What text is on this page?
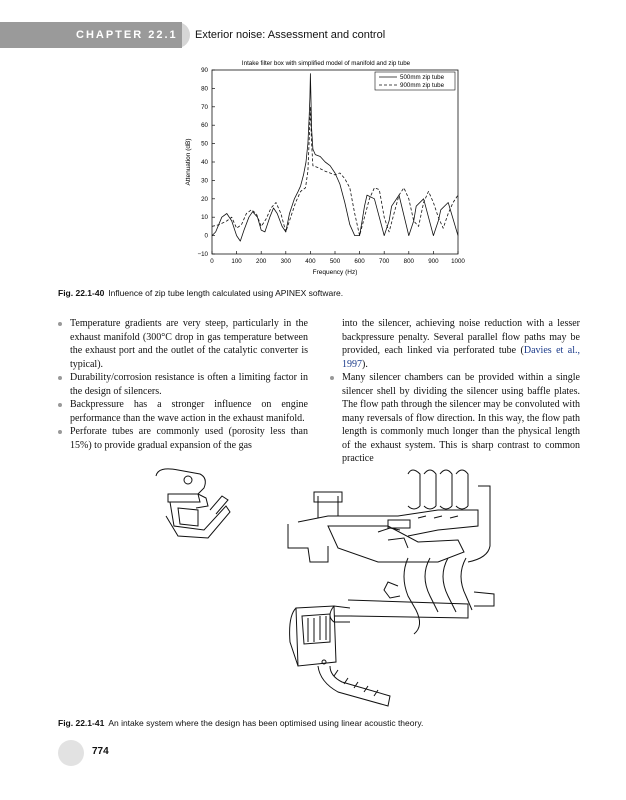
CHAPTER 22.1	Exterior noise: Assessment and control
Intake filter box with simplified model of manifold and zip tube
0	100 200 300 400 500 600 700 800 900 1000
90
80
70
60
50
40
30
20
10
0
−10
500mm zip tube
900mm zip tube
Frequency (Hz)
Attenuation (dB)
Fig. 22.1-40 Influence of zip tube length calculated using APINEX software.
Temperature gradients are very steep, particularly in the exhaust manifold (300°C drop in gas temperature between the exhaust port and the outlet of the catalytic converter is typical).
Durability/corrosion resistance is often a limiting factor in the design of silencers.
Backpressure has a stronger influence on engine performance than the wave action in the exhaust manifold.
Perforate tubes are commonly used (porosity less than 15%) to provide gradual expansion of the gas

into the silencer, achieving noise reduction with a lesser backpressure penalty. Several parallel flow paths may be provided, each linked via perforated tube (Davies et al., 1997).

Many silencer chambers can be provided within a single silencer shell by dividing the silencer using baffle plates. The flow path through the silencer may be convoluted with many reversals of flow direction. In this way, the flow path length is commonly much longer than the physical length of the exhaust system. This is sharp contrast to common practice
Fig. 22.1-41 An intake system where the design has been optimised using linear acoustic theory.
774
